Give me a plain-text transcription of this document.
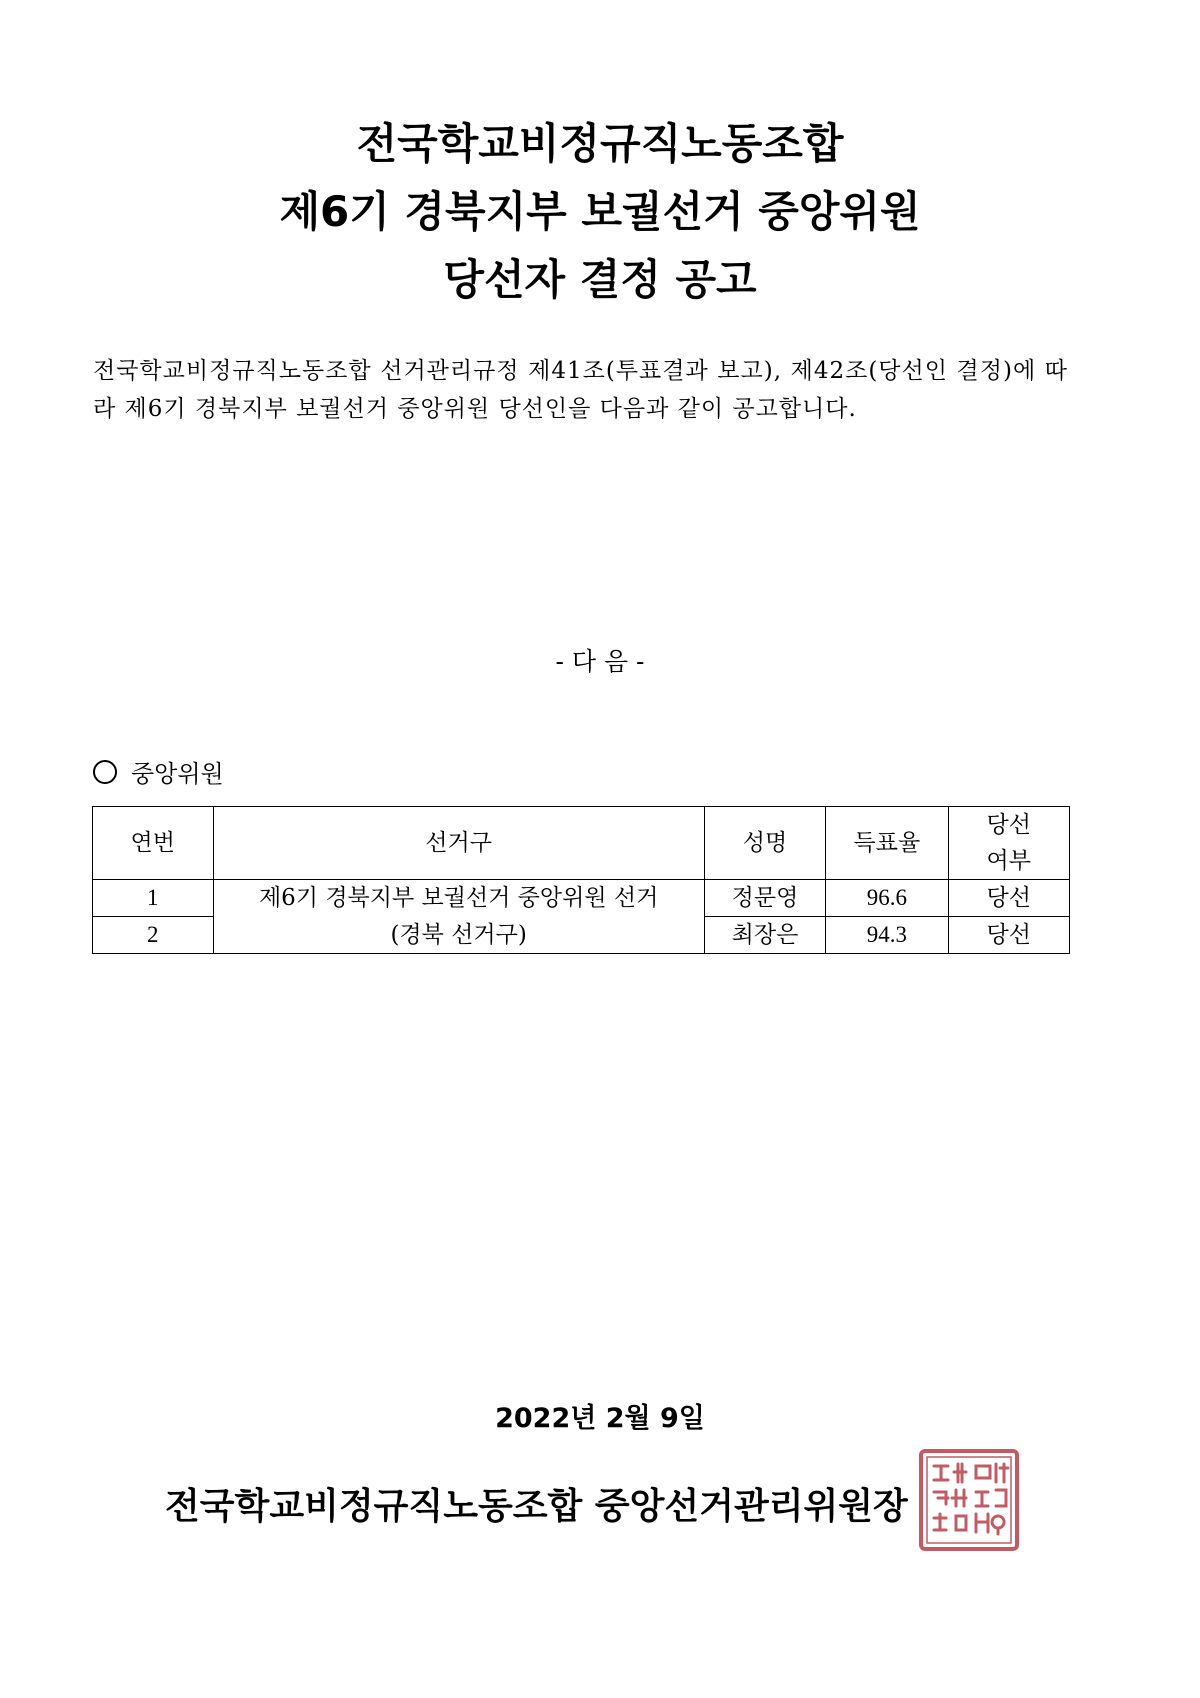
전국학교비정규직노동조합
제6기 경북지부 보궐선거 중앙위원
당선자 결정 공고
전국학교비정규직노동조합 선거관리규정 제41조(투표결과 보고), 제42조(당선인 결정)에 따라 제6기 경북지부 보궐선거 중앙위원 당선인을 다음과 같이 공고합니다.
- 다 음 -
중앙위원
연번	선거구	성명	득표율	당선
여부

1	제6기 경북지부 보궐선거 중앙위원 선거	정문영	96.6	당선
2	(경북 선거구)	최장은	94.3	당선
2022년 2월 9일
전국학교비정규직노동조합 중앙선거관리위원장
